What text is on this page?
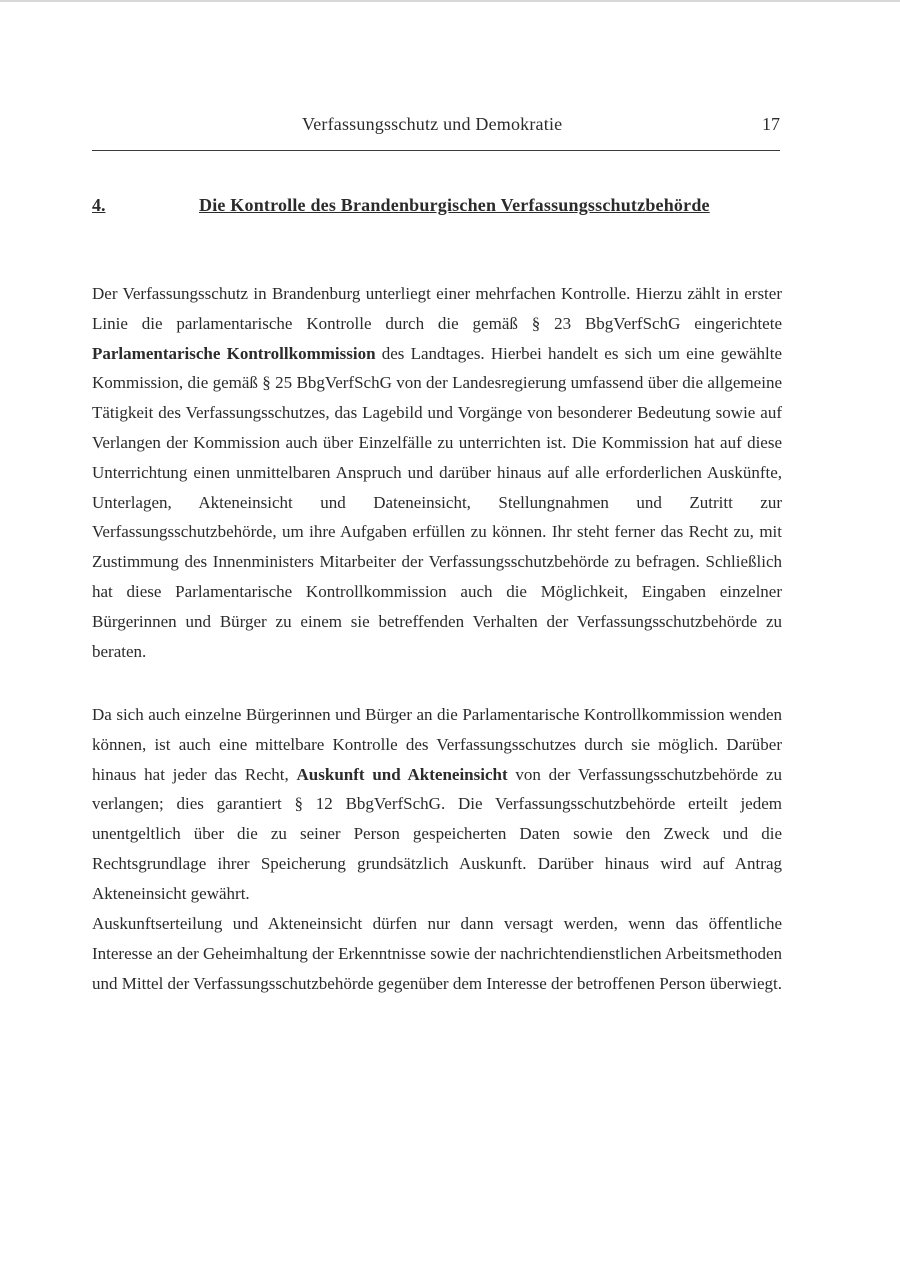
Verfassungsschutz und Demokratie	17
4.	Die Kontrolle des Brandenburgischen Verfassungsschutzbehörde

Der Verfassungsschutz in Brandenburg unterliegt einer mehrfachen Kontrolle. Hierzu zählt in erster Linie die parlamentarische Kontrolle durch die gemäß § 23 BbgVerfSchG eingerichtete Parlamentarische Kontrollkommission des Landtages. Hierbei handelt es sich um eine gewählte Kommission, die gemäß § 25 BbgVerfSchG von der Landesregierung umfassend über die allgemeine Tätigkeit des Verfassungsschutzes, das Lagebild und Vorgänge von besonderer Bedeutung sowie auf Verlangen der Kommission auch über Einzelfälle zu unterrichten ist. Die Kommission hat auf diese Unterrichtung einen unmittelbaren Anspruch und darüber hinaus auf alle erforderlichen Auskünfte, Unterlagen, Akteneinsicht und Dateneinsicht, Stellungnahmen und Zutritt zur Verfassungsschutzbehörde, um ihre Aufgaben erfüllen zu können. Ihr steht ferner das Recht zu, mit Zustimmung des Innenministers Mitarbeiter der Verfassungsschutzbehörde zu befragen. Schließlich hat diese Parlamentarische Kontrollkommission auch die Möglichkeit, Eingaben einzelner Bürgerinnen und Bürger zu einem sie betreffenden Verhalten der Verfassungsschutzbehörde zu beraten.

Da sich auch einzelne Bürgerinnen und Bürger an die Parlamentarische Kontrollkommission wenden können, ist auch eine mittelbare Kontrolle des Verfassungsschutzes durch sie möglich. Darüber hinaus hat jeder das Recht, Auskunft und Akteneinsicht von der Verfassungsschutzbehörde zu verlangen; dies garantiert § 12 BbgVerfSchG. Die Verfassungsschutzbehörde erteilt jedem unentgeltlich über die zu seiner Person gespeicherten Daten sowie den Zweck und die Rechtsgrundlage ihrer Speicherung grundsätzlich Auskunft. Darüber hinaus wird auf Antrag Akteneinsicht gewährt.

Auskunftserteilung und Akteneinsicht dürfen nur dann versagt werden, wenn das öffentliche Interesse an der Geheimhaltung der Erkenntnisse sowie der nachrichtendienstlichen Arbeitsmethoden und Mittel der Verfassungsschutzbehörde gegenüber dem Interesse der betroffenen Person überwiegt.
